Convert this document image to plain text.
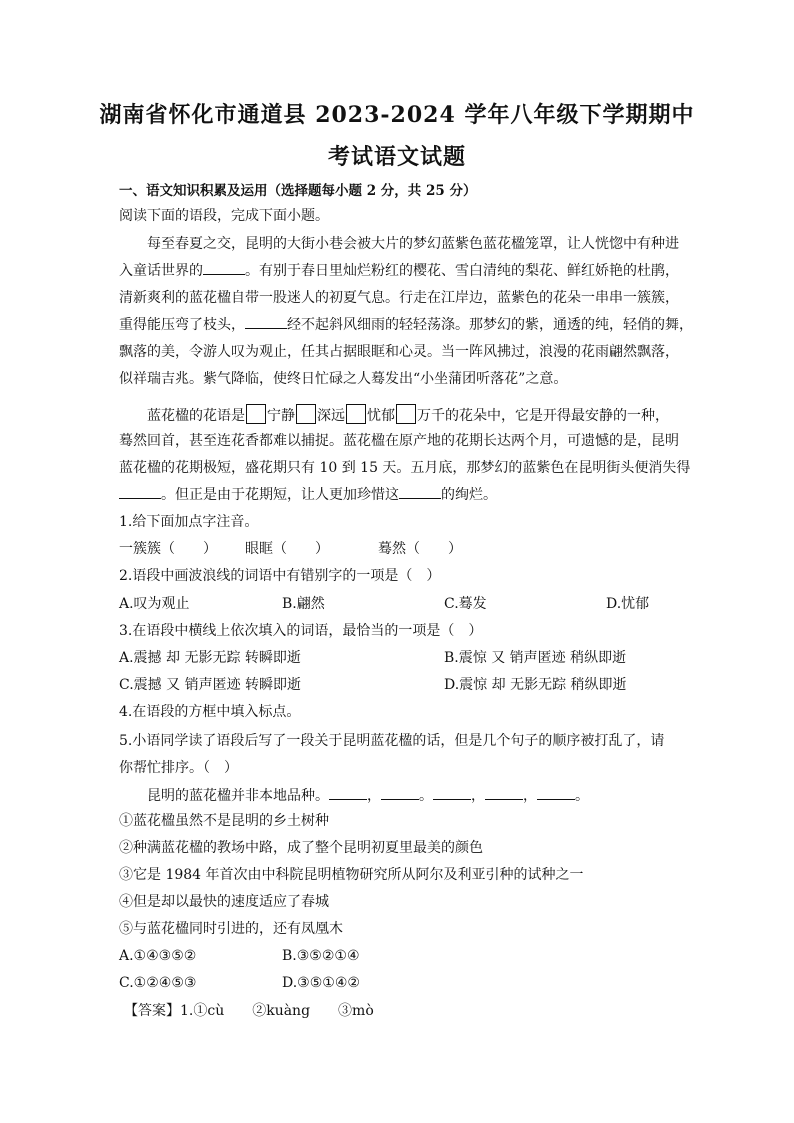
湖南省怀化市通道县 2023-2024 学年八年级下学期期中
考试语文试题
一、语文知识积累及运用（选择题每小题 2 分，共 25 分）
阅读下面的语段，完成下面小题。
每至春夏之交，昆明的大街小巷会被大片的梦幻蓝紫色蓝花楹笼罩，让人恍惚中有种进
入童话世界的	。有别于春日里灿烂粉红的樱花、雪白清纯的梨花、鲜红娇艳的杜鹃，
清新爽利的蓝花楹自带一股迷人的初夏气息。行走在江岸边，蓝紫色的花朵一串串一簇簇，
重得能压弯了枝头，	经不起斜风细雨的轻轻荡涤。那梦幻的紫，通透的纯，轻俏的舞，
飘落的美，令游人叹为观止，任其占据眼眶和心灵。当一阵风拂过，浪漫的花雨翩然飘落，
似祥瑞吉兆。紫气降临，使终日忙碌之人蓦发出“小坐蒲团听落花”之意。
蓝花楹的花语是 宁静 深远 忧郁 万千的花朵中，它是开得最安静的一种，
蓦然回首，甚至连花香都难以捕捉。蓝花楹在原产地的花期长达两个月，可遗憾的是，昆明
蓝花楹的花期极短，盛花期只有 10 到 15 天。五月底，那梦幻的蓝紫色在昆明街头便消失得
。但正是由于花期短，让人更加珍惜这	的绚烂。
1.给下面加点字注音。
一簇簇（　　） 眼眶（　　）	蓦然（　　）
2.语段中画波浪线的词语中有错别字的一项是（　）
A.叹为观止	B.翩然	C.蓦发	D.忧郁
3.在语段中横线上依次填入的词语，最恰当的一项是（　）
A.震撼 却 无影无踪 转瞬即逝	B.震惊 又 销声匿迹 稍纵即逝
C.震撼 又 销声匿迹 转瞬即逝	D.震惊 却 无影无踪 稍纵即逝
4.在语段的方框中填入标点。
5.小语同学读了语段后写了一段关于昆明蓝花楹的话，但是几个句子的顺序被打乱了，请
你帮忙排序。（　）
昆明的蓝花楹并非本地品种。	，	。	，	，	。
①蓝花楹虽然不是昆明的乡土树种
②种满蓝花楹的教场中路，成了整个昆明初夏里最美的颜色
③它是 1984 年首次由中科院昆明植物研究所从阿尔及利亚引种的试种之一
④但是却以最快的速度适应了春城
⑤与蓝花楹同时引进的，还有凤凰木
A.①④③⑤②	B.③⑤②①④
C.①②④⑤③	D.③⑤①④②
【答案】1.①cù　　②kuàng　　③mò
